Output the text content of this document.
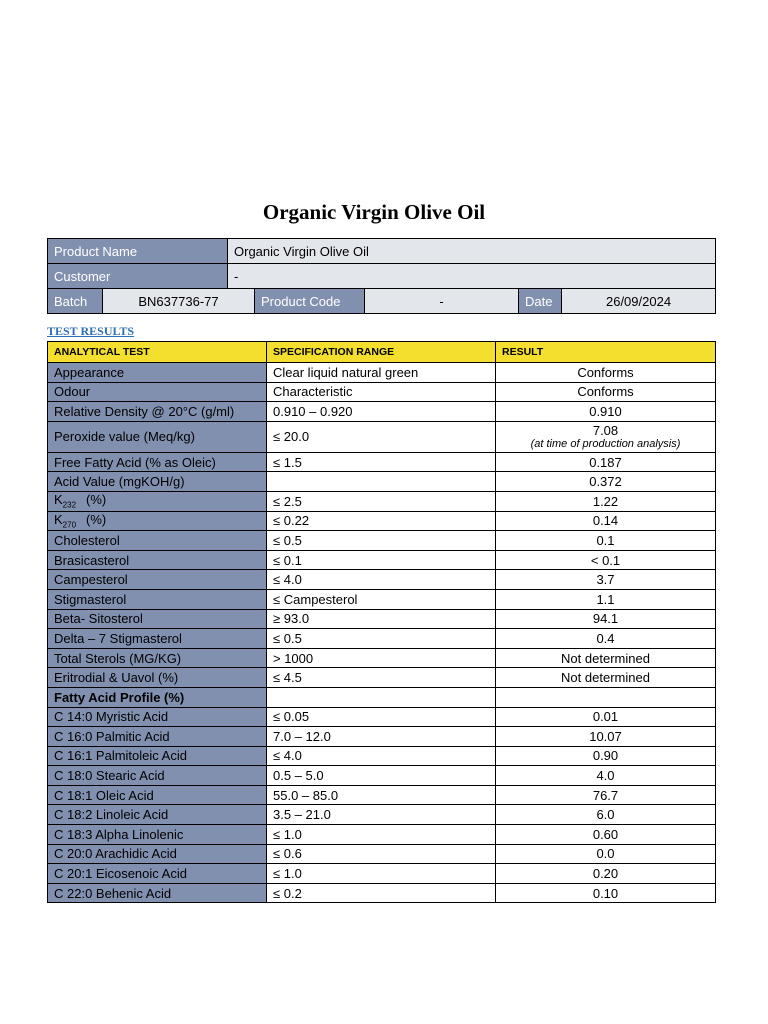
Organic Virgin Olive Oil
Product Name		Organic Virgin Olive Oil				
Customer		-				
Batch	BN637736-77		Product Code	-	Date	26/09/2024
TEST RESULTS
ANALYTICAL TEST	SPECIFICATION RANGE	RESULT
Appearance	Clear liquid natural green	Conforms
Odour	Characteristic	Conforms
Relative Density @ 20°C (g/ml)	0.910 – 0.920	0.910
Peroxide value (Meq/kg)	≤ 20.0	7.08
(at time of production analysis)

Free Fatty Acid (% as Oleic)	≤ 1.5	0.187
Acid Value (mgKOH/g)		0.372
$K_{232}$ (%)	≤ 2.5	1.22
$K_{270}$ (%)	≤ 0.22	0.14
Cholesterol	≤ 0.5	0.1
Brasicasterol	≤ 0.1	< 0.1
Campesterol	≤ 4.0	3.7
Stigmasterol	≤ Campesterol	1.1
Beta- Sitosterol	≥ 93.0	94.1
Delta – 7 Stigmasterol	≤ 0.5	0.4
Total Sterols (MG/KG)	> 1000	Not determined
Eritrodial & Uavol (%)	≤ 4.5	Not determined
Fatty Acid Profile (%)		
C 14:0 Myristic Acid	≤ 0.05	0.01
C 16:0 Palmitic Acid	7.0 – 12.0	10.07
C 16:1 Palmitoleic Acid	≤ 4.0	0.90
C 18:0 Stearic Acid	0.5 – 5.0	4.0
C 18:1 Oleic Acid	55.0 – 85.0	76.7
C 18:2 Linoleic Acid	3.5 – 21.0	6.0
C 18:3 Alpha Linolenic	≤ 1.0	0.60
C 20:0 Arachidic Acid	≤ 0.6	0.0
C 20:1 Eicosenoic Acid	≤ 1.0	0.20
C 22:0 Behenic Acid	≤ 0.2	0.10
